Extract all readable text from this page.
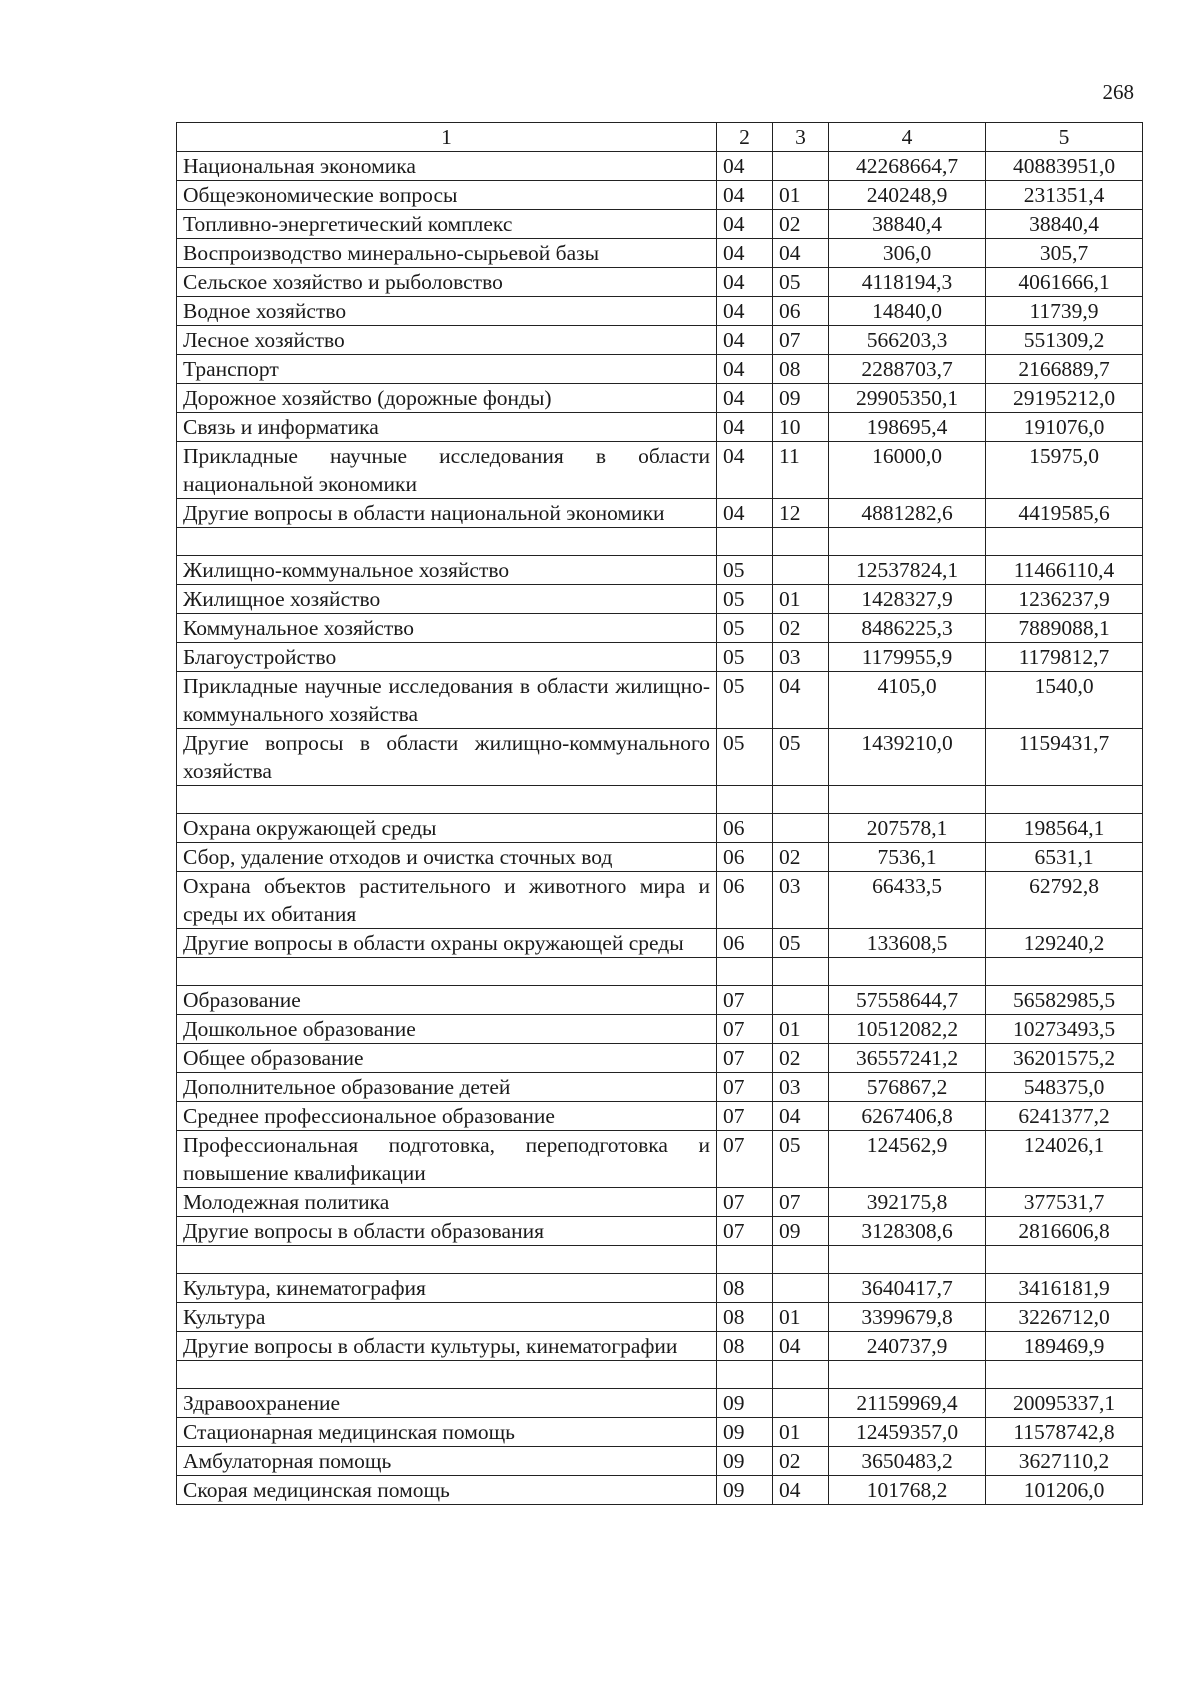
268
1	2	3	4	5
Национальная экономика	04		42268664,7	40883951,0
Общеэкономические вопросы	04	01	240248,9	231351,4
Топливно-энергетический комплекс	04	02	38840,4	38840,4
Воспроизводство минерально-сырьевой базы	04	04	306,0	305,7
Сельское хозяйство и рыболовство	04	05	4118194,3	4061666,1
Водное хозяйство	04	06	14840,0	11739,9
Лесное хозяйство	04	07	566203,3	551309,2
Транспорт	04	08	2288703,7	2166889,7
Дорожное хозяйство (дорожные фонды)	04	09	29905350,1	29195212,0
Связь и информатика	04	10	198695,4	191076,0
Прикладные научные исследования в области национальной экономики	04	11	16000,0	15975,0
Другие вопросы в области национальной экономики	04	12	4881282,6	4419585,6

Жилищно-коммунальное хозяйство	05		12537824,1	11466110,4
Жилищное хозяйство	05	01	1428327,9	1236237,9
Коммунальное хозяйство	05	02	8486225,3	7889088,1
Благоустройство	05	03	1179955,9	1179812,7
Прикладные научные исследования в области жилищно-коммунального хозяйства	05	04	4105,0	1540,0
Другие вопросы в области жилищно-коммунального хозяйства	05	05	1439210,0	1159431,7

Охрана окружающей среды	06		207578,1	198564,1
Сбор, удаление отходов и очистка сточных вод	06	02	7536,1	6531,1
Охрана объектов растительного и животного мира и среды их обитания	06	03	66433,5	62792,8
Другие вопросы в области охраны окружающей среды	06	05	133608,5	129240,2

Образование	07		57558644,7	56582985,5
Дошкольное образование	07	01	10512082,2	10273493,5
Общее образование	07	02	36557241,2	36201575,2
Дополнительное образование детей	07	03	576867,2	548375,0
Среднее профессиональное образование	07	04	6267406,8	6241377,2
Профессиональная подготовка, переподготовка и повышение квалификации	07	05	124562,9	124026,1
Молодежная политика	07	07	392175,8	377531,7
Другие вопросы в области образования	07	09	3128308,6	2816606,8

Культура, кинематография	08		3640417,7	3416181,9
Культура	08	01	3399679,8	3226712,0
Другие вопросы в области культуры, кинематографии	08	04	240737,9	189469,9

Здравоохранение	09		21159969,4	20095337,1
Стационарная медицинская помощь	09	01	12459357,0	11578742,8
Амбулаторная помощь	09	02	3650483,2	3627110,2
Скорая медицинская помощь	09	04	101768,2	101206,0
